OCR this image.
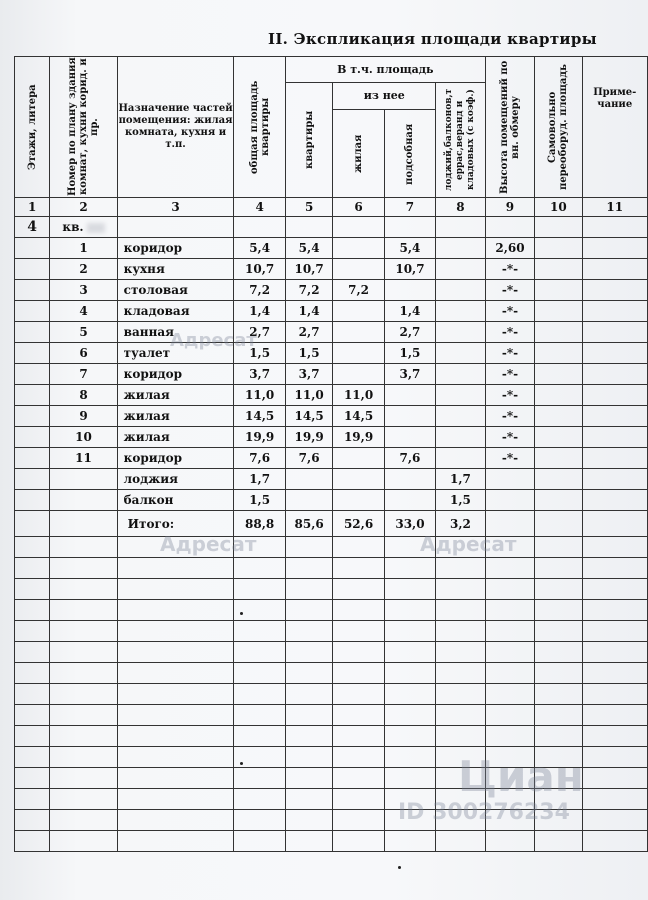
II. Экспликация площади квартиры
Этажи, литера	Номер по плану здания комнат, кухни корид. и пр.	Назначение частей помещения: жилая комната, кухня и т.п.	общая площадь квартиры	В т.ч. площадь				Высота помещений по вн. обмеру	Самовольно переоборуд. площадь	Приме-чание

				квартиры	из нее		лоджий,балконов,т еррас,веранд и кладовых (с коэф.)			

					жилая	подсобная				

1	2	3	4	5	6	7	8	9	10	11
4	кв.									
	1	коридор	5,4	5,4		5,4		2,60		
	2	кухня	10,7	10,7		10,7		-*-		
	3	столовая	7,2	7,2	7,2			-*-		
	4	кладовая	1,4	1,4		1,4		-*-		
	5	ванная	2,7	2,7		2,7		-*-		
	6	туалет	1,5	1,5		1,5		-*-		
	7	коридор	3,7	3,7		3,7		-*-		
	8	жилая	11,0	11,0	11,0			-*-		
	9	жилая	14,5	14,5	14,5			-*-		
	10	жилая	19,9	19,9	19,9			-*-		
	11	коридор	7,6	7,6		7,6		-*-		
		лоджия	1,7				1,7			
		балкон	1,5				1,5			
		Итого:	88,8	85,6	52,6	33,0	3,2			

Адресат
Адресат	Адресат
Циан
ID 300276234
